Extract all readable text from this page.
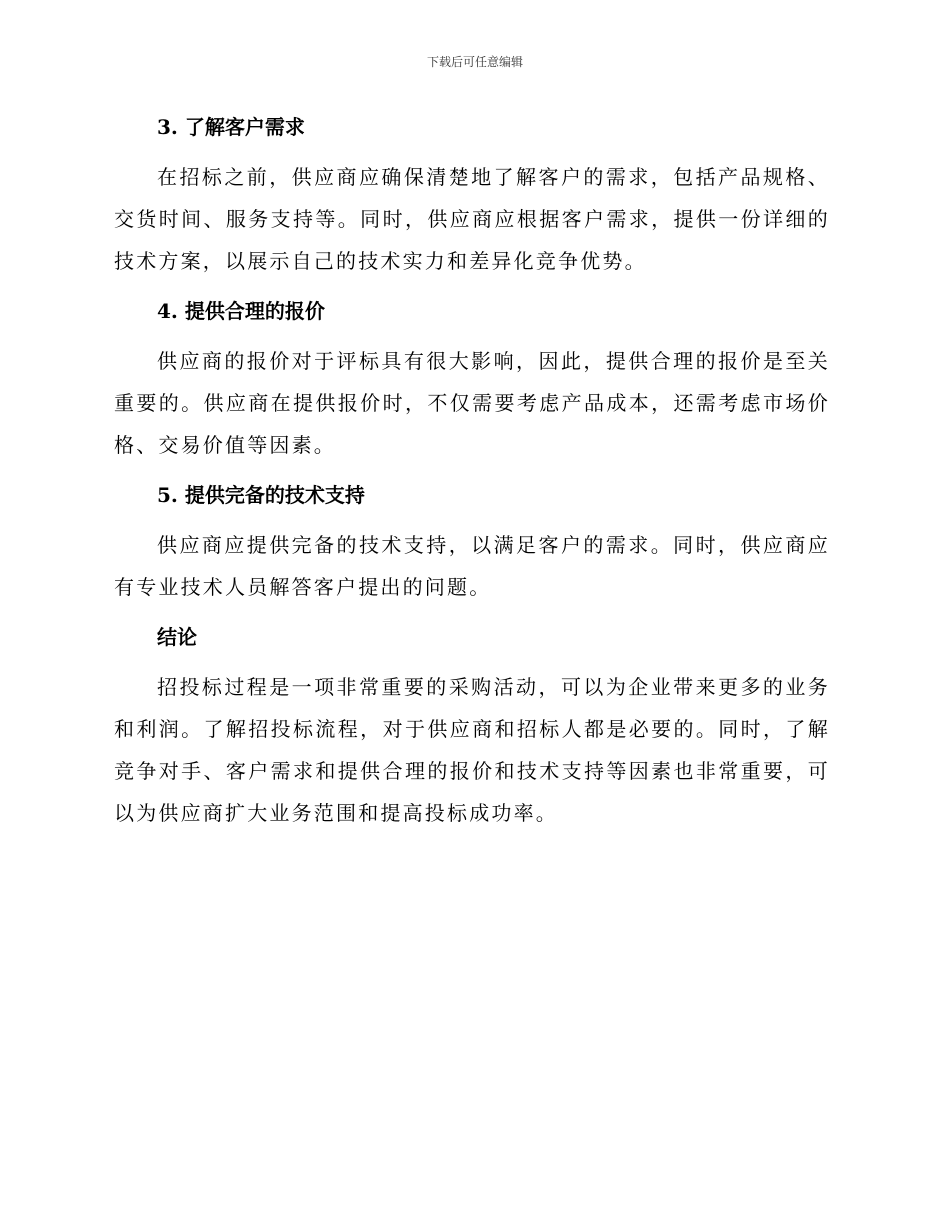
下载后可任意编辑
3. 了解客户需求

在招标之前，供应商应确保清楚地了解客户的需求，包括产品规格、交货时间、服务支持等。同时，供应商应根据客户需求，提供一份详细的技术方案，以展示自己的技术实力和差异化竞争优势。

4. 提供合理的报价

供应商的报价对于评标具有很大影响，因此，提供合理的报价是至关重要的。供应商在提供报价时，不仅需要考虑产品成本，还需考虑市场价格、交易价值等因素。

5. 提供完备的技术支持

供应商应提供完备的技术支持，以满足客户的需求。同时，供应商应有专业技术人员解答客户提出的问题。

结论

招投标过程是一项非常重要的采购活动，可以为企业带来更多的业务和利润。了解招投标流程，对于供应商和招标人都是必要的。同时，了解竞争对手、客户需求和提供合理的报价和技术支持等因素也非常重要，可以为供应商扩大业务范围和提高投标成功率。
